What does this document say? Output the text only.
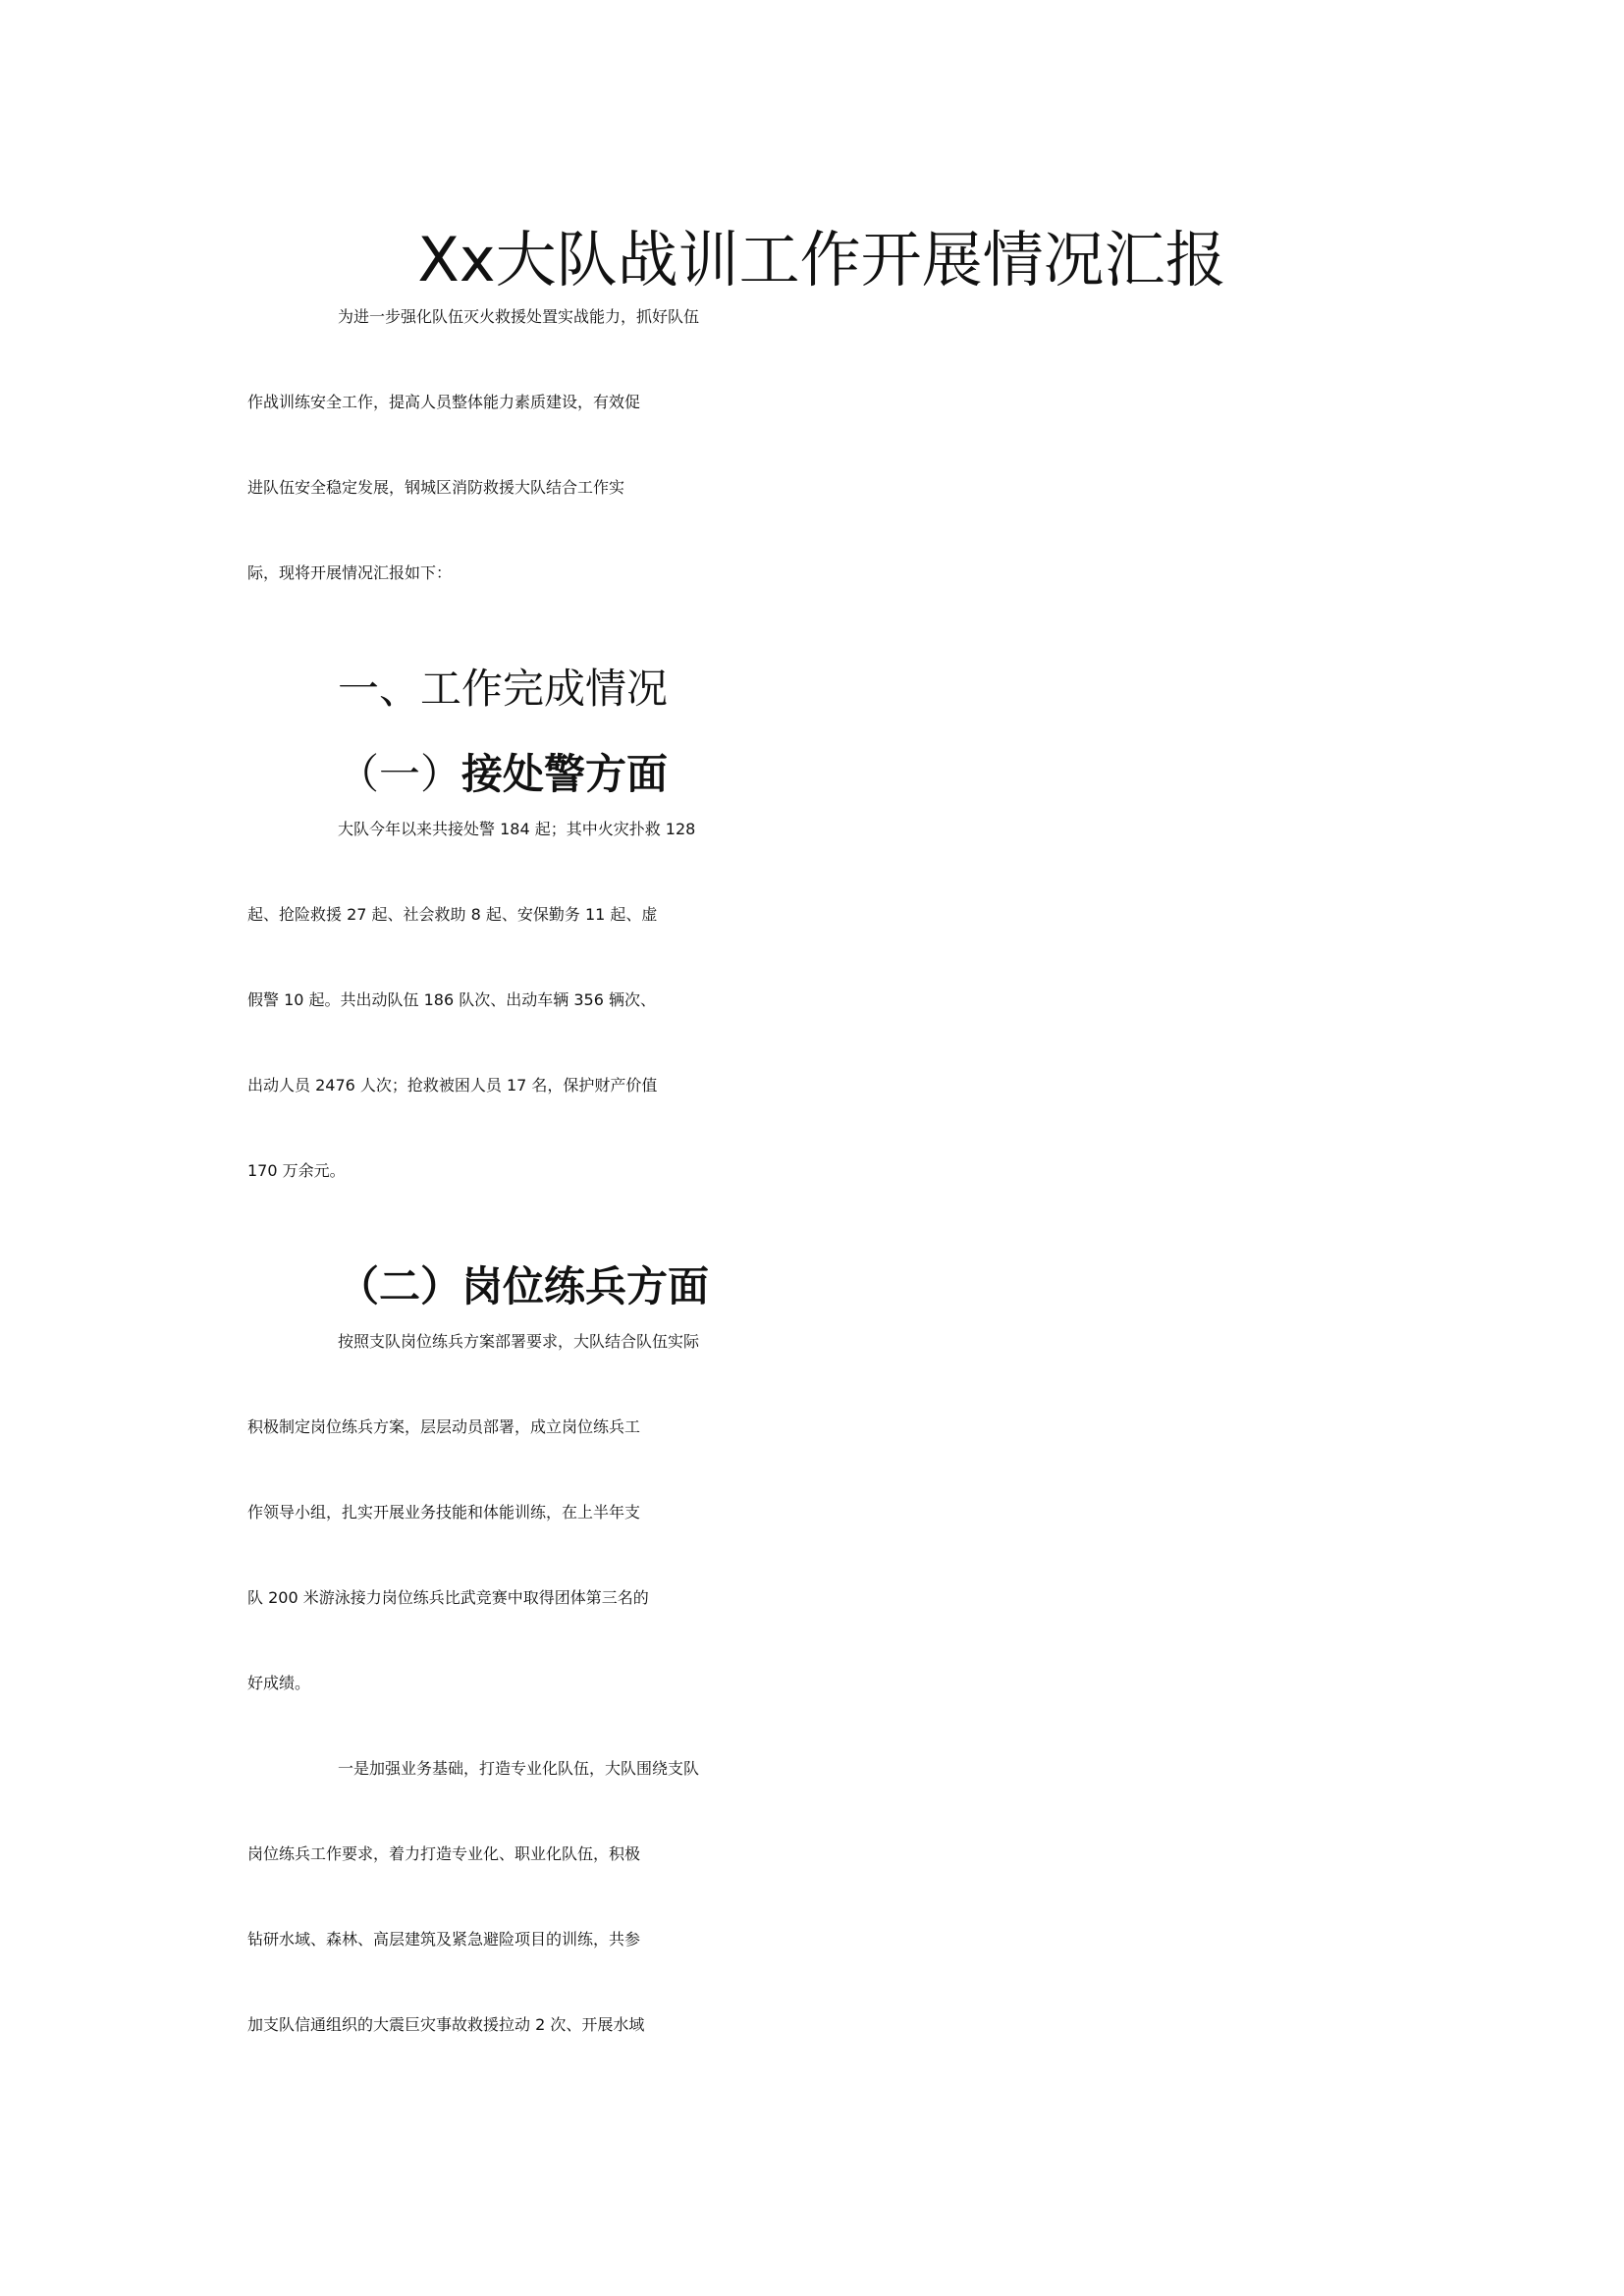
Xx大队战训工作开展情况汇报
为进一步强化队伍灭火救援处置实战能力，抓好队伍
作战训练安全工作，提高人员整体能力素质建设，有效促
进队伍安全稳定发展，钢城区消防救援大队结合工作实
际，现将开展情况汇报如下：
一、工作完成情况
（一）接处警方面
大队今年以来共接处警 184 起；其中火灾扑救 128
起、抢险救援 27 起、社会救助 8 起、安保勤务 11 起、虚
假警 10 起。共出动队伍 186 队次、出动车辆 356 辆次、
出动人员 2476 人次；抢救被困人员 17 名，保护财产价值
170 万余元。
（二）岗位练兵方面
按照支队岗位练兵方案部署要求，大队结合队伍实际
积极制定岗位练兵方案，层层动员部署，成立岗位练兵工
作领导小组，扎实开展业务技能和体能训练，在上半年支
队 200 米游泳接力岗位练兵比武竞赛中取得团体第三名的
好成绩。
一是加强业务基础，打造专业化队伍，大队围绕支队
岗位练兵工作要求，着力打造专业化、职业化队伍，积极
钻研水域、森林、高层建筑及紧急避险项目的训练，共参
加支队信通组织的大震巨灾事故救援拉动 2 次、开展水域
